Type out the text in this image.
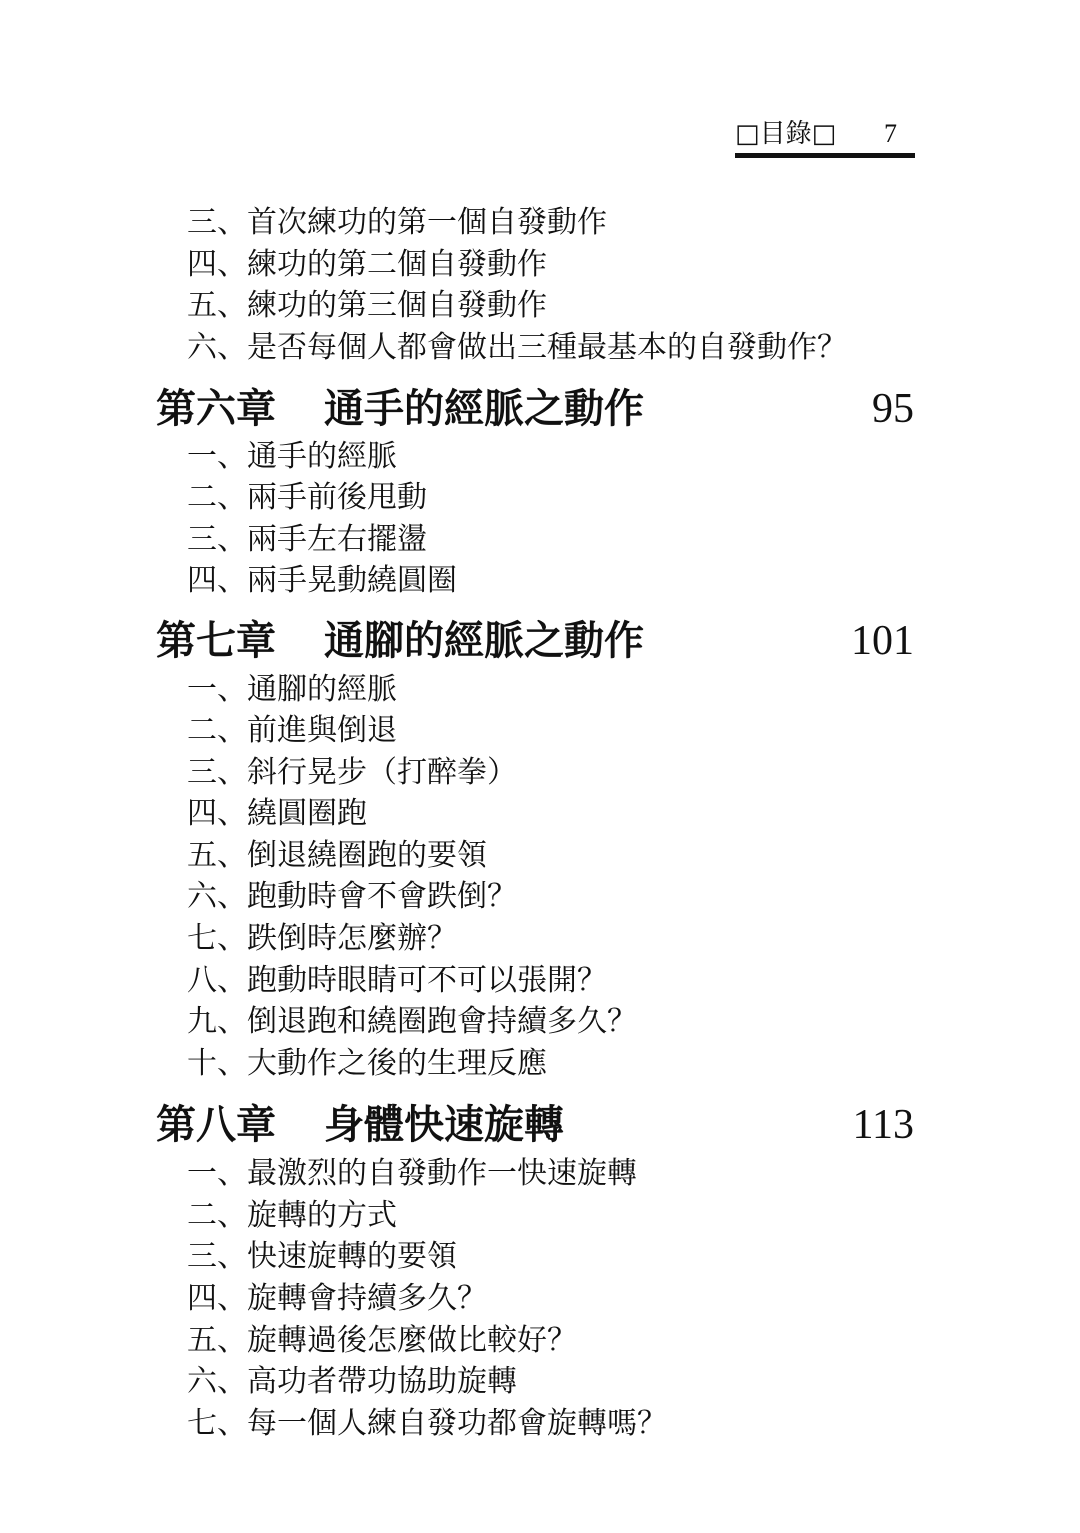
□目錄□ 7
三、首次練功的第一個自發動作
四、練功的第二個自發動作
五、練功的第三個自發動作
六、是否每個人都會做出三種最基本的自發動作？
第六章 通手的經脈之動作	95
一、通手的經脈
二、兩手前後甩動
三、兩手左右擺盪
四、兩手晃動繞圓圈
第七章 通腳的經脈之動作	101
一、通腳的經脈
二、前進與倒退
三、斜行晃步（打醉拳）
四、繞圓圈跑
五、倒退繞圈跑的要領
六、跑動時會不會跌倒？
七、跌倒時怎麼辦？
八、跑動時眼睛可不可以張開？
九、倒退跑和繞圈跑會持續多久？
十、大動作之後的生理反應
第八章 身體快速旋轉	113
一、最激烈的自發動作一快速旋轉
二、旋轉的方式
三、快速旋轉的要領
四、旋轉會持續多久？
五、旋轉過後怎麼做比較好？
六、高功者帶功協助旋轉
七、每一個人練自發功都會旋轉嗎？
